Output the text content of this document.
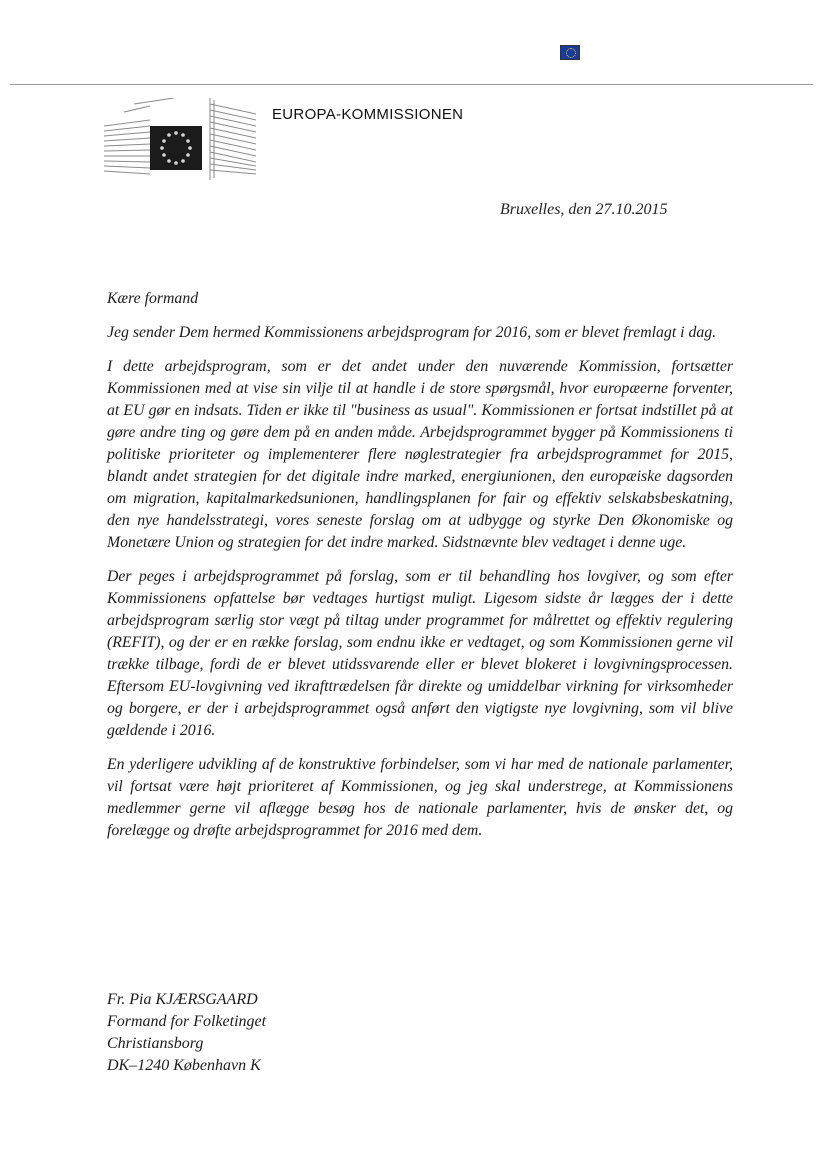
EUROPA-KOMMISSIONEN
Bruxelles, den 27.10.2015

Kære formand

Jeg sender Dem hermed Kommissionens arbejdsprogram for 2016, som er blevet fremlagt i dag.

I dette arbejdsprogram, som er det andet under den nuværende Kommission, fortsætter Kommissionen med at vise sin vilje til at handle i de store spørgsmål, hvor europæerne forventer, at EU gør en indsats. Tiden er ikke til "business as usual". Kommissionen er fortsat indstillet på at gøre andre ting og gøre dem på en anden måde. Arbejdsprogrammet bygger på Kommissionens ti politiske prioriteter og implementerer flere nøglestrategier fra arbejdsprogrammet for 2015, blandt andet strategien for det digitale indre marked, energiunionen, den europæiske dagsorden om migration, kapitalmarkedsunionen, handlingsplanen for fair og effektiv selskabsbeskatning, den nye handelsstrategi, vores seneste forslag om at udbygge og styrke Den Økonomiske og Monetære Union og strategien for det indre marked. Sidstnævnte blev vedtaget i denne uge.

Der peges i arbejdsprogrammet på forslag, som er til behandling hos lovgiver, og som efter Kommissionens opfattelse bør vedtages hurtigst muligt. Ligesom sidste år lægges der i dette arbejdsprogram særlig stor vægt på tiltag under programmet for målrettet og effektiv regulering (REFIT), og der er en række forslag, som endnu ikke er vedtaget, og som Kommissionen gerne vil trække tilbage, fordi de er blevet utidssvarende eller er blevet blokeret i lovgivningsprocessen. Eftersom EU-lovgivning ved ikrafttrædelsen får direkte og umiddelbar virkning for virksomheder og borgere, er der i arbejdsprogrammet også anført den vigtigste nye lovgivning, som vil blive gældende i 2016.

En yderligere udvikling af de konstruktive forbindelser, som vi har med de nationale parlamenter, vil fortsat være højt prioriteret af Kommissionen, og jeg skal understrege, at Kommissionens medlemmer gerne vil aflægge besøg hos de nationale parlamenter, hvis de ønsker det, og forelægge og drøfte arbejdsprogrammet for 2016 med dem.

Fr. Pia KJÆRSGAARD
Formand for Folketinget
Christiansborg
DK–1240 København K
